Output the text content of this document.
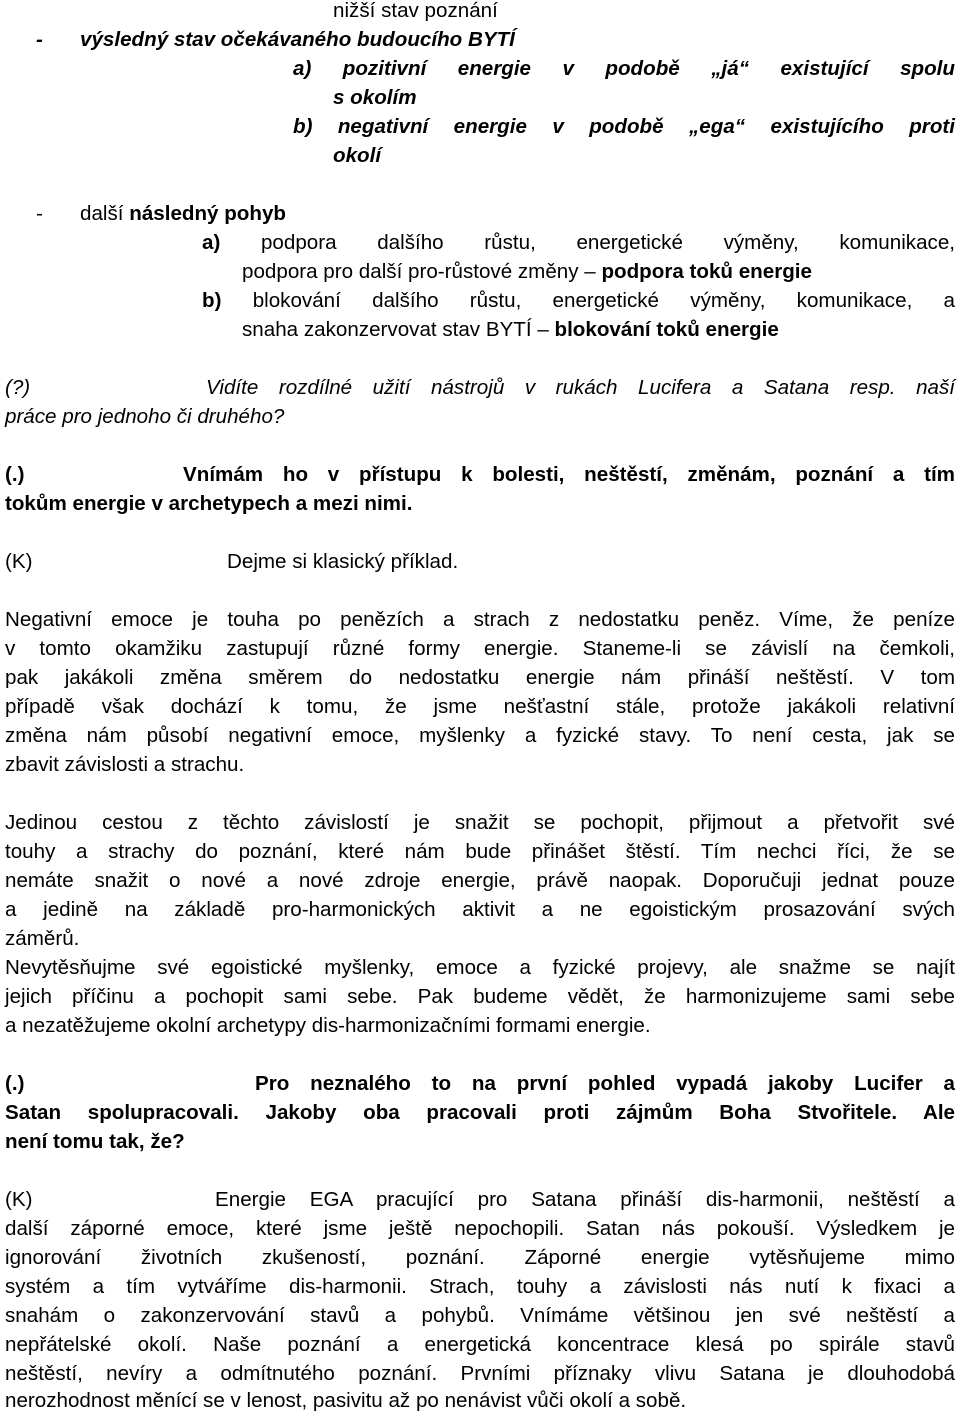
nižší stav poznání
- výsledný stav očekávaného budoucího BYTÍ
a) pozitivní energie v podobě „já“ existující spolu
s okolím
b) negativní energie v podobě „ega“ existujícího proti
okolí
- další následný pohyb
a) podpora dalšího růstu, energetické výměny, komunikace,
podpora pro další pro-růstové změny – podpora toků energie
b) blokování dalšího růstu, energetické výměny, komunikace, a
snaha zakonzervovat stav BYTÍ – blokování toků energie
(?)	Vidíte rozdílné užití nástrojů v rukách Lucifera a Satana resp. naší
práce pro jednoho či druhého?
(.)	Vnímám ho v přístupu k bolesti, neštěstí, změnám, poznání a tím
tokům energie v archetypech a mezi nimi.
(K)	Dejme si klasický příklad.
Negativní emoce je touha po penězích a strach z nedostatku peněz. Víme, že peníze
v tomto okamžiku zastupují různé formy energie. Staneme-li se závislí na čemkoli,
pak jakákoli změna směrem do nedostatku energie nám přináší neštěstí. V tom
případě však dochází k tomu, že jsme nešťastní stále, protože jakákoli relativní
změna nám působí negativní emoce, myšlenky a fyzické stavy. To není cesta, jak se
zbavit závislosti a strachu.
Jedinou cestou z těchto závislostí je snažit se pochopit, přijmout a přetvořit své
touhy a strachy do poznání, které nám bude přinášet štěstí. Tím nechci říci, že se
nemáte snažit o nové a nové zdroje energie, právě naopak. Doporučuji jednat pouze
a jedině na základě pro-harmonických aktivit a ne egoistickým prosazování svých
záměrů.
Nevytěsňujme své egoistické myšlenky, emoce a fyzické projevy, ale snažme se najít
jejich příčinu a pochopit sami sebe. Pak budeme vědět, že harmonizujeme sami sebe
a nezatěžujeme okolní archetypy dis-harmonizačními formami energie.
(.)	Pro neznalého to na první pohled vypadá jakoby Lucifer a
Satan spolupracovali. Jakoby oba pracovali proti zájmům Boha Stvořitele. Ale
není tomu tak, že?
(K)	Energie EGA pracující pro Satana přináší dis-harmonii, neštěstí a
další záporné emoce, které jsme ještě nepochopili. Satan nás pokouší. Výsledkem je
ignorování životních zkušeností, poznání. Záporné energie vytěsňujeme mimo
systém a tím vytváříme dis-harmonii. Strach, touhy a závislosti nás nutí k fixaci a
snahám o zakonzervování stavů a pohybů. Vnímáme většinou jen své neštěstí a
nepřátelské okolí. Naše poznání a energetická koncentrace klesá po spirále stavů
neštěstí, nevíry a odmítnutého poznání. Prvními příznaky vlivu Satana je dlouhodobá
nerozhodnost měnící se v lenost, pasivitu až po nenávist vůči okolí a sobě.
